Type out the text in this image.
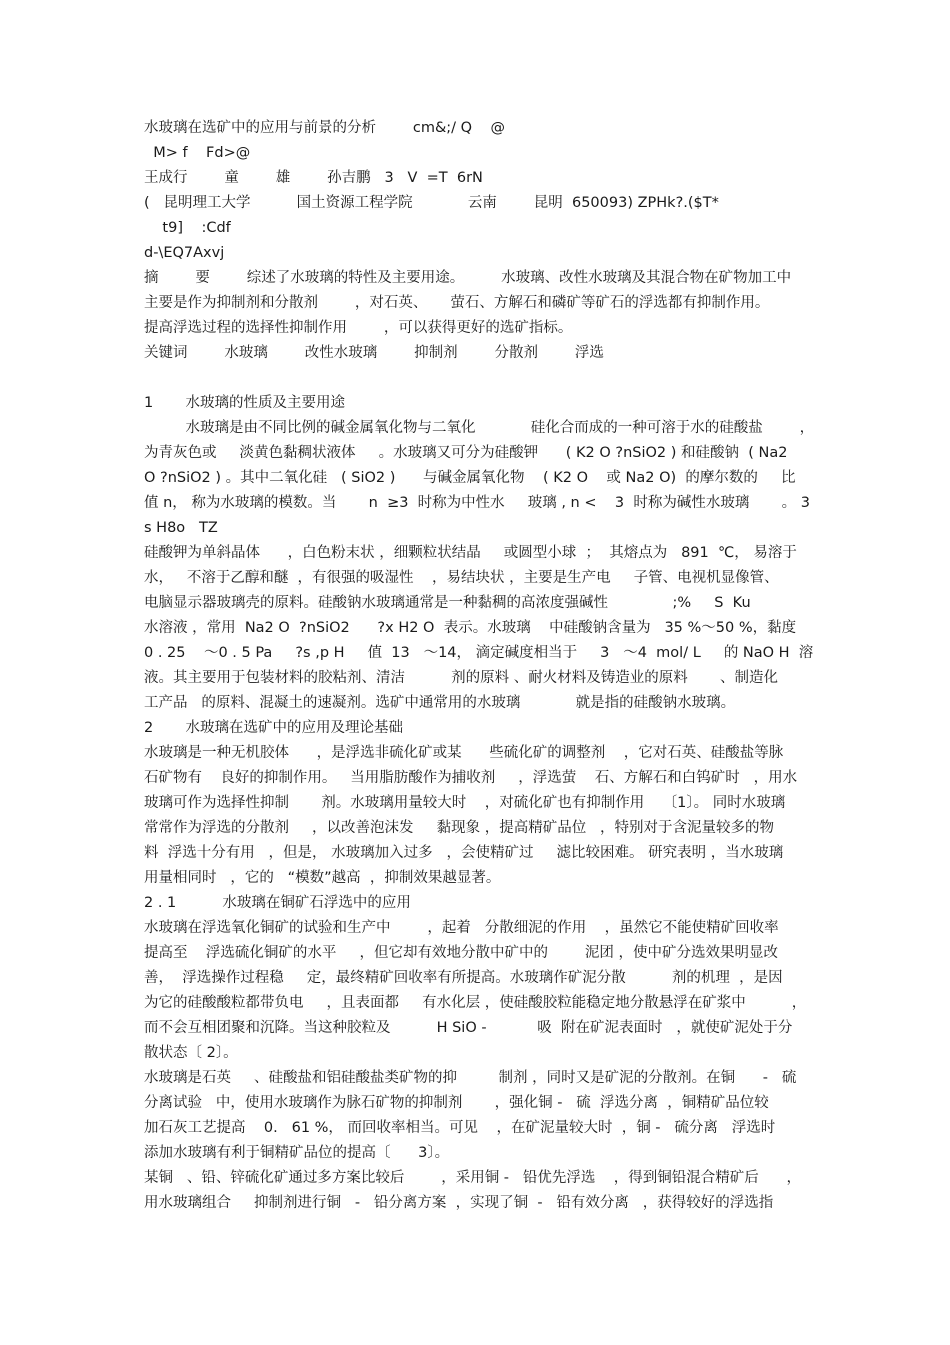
水玻璃在选矿中的应用与前景的分析        cm&;/ Q    @

M> f    Fd>@

王成行        童        雄        孙吉鹏   3   V  =T  6rN

(   昆明理工大学          国土资源工程学院            云南        昆明  650093) ZPHk?.($T*

t9]    :Cdf

d-\EQ7Axvj

摘        要        综述了水玻璃的特性及主要用途。        水玻璃、改性水玻璃及其混合物在矿物加工中

主要是作为抑制剂和分散剂        ，对石英、     萤石、方解石和磷矿等矿石的浮选都有抑制作用。

提高浮选过程的选择性抑制作用        ，可以获得更好的选矿指标。

关键词        水玻璃        改性水玻璃        抑制剂        分散剂        浮选

1       水玻璃的性质及主要用途

水玻璃是由不同比例的碱金属氧化物与二氧化            硅化合而成的一种可溶于水的硅酸盐        ，

为青灰色或     淡黄色黏稠状液体     。水玻璃又可分为硅酸钾      ( K2 O ?nSiO2 ) 和硅酸钠  ( Na2

O ?nSiO2 ) 。其中二氧化硅   ( SiO2 )      与碱金属氧化物    ( K2 O    或 Na2 O)  的摩尔数的     比

值 n， 称为水玻璃的模数。当       n  ≥3  时称为中性水     玻璃 , n <    3  时称为碱性水玻璃       。 3

s H8o   TZ

硅酸钾为单斜晶体      ，白色粉末状 ，细颗粒状结晶     或圆型小球  ；  其熔点为   891  ℃， 易溶于

水，   不溶于乙醇和醚  ，有很强的吸湿性    ，易结块状 ，主要是生产电     子管、电视机显像管、

电脑显示器玻璃壳的原料。硅酸钠水玻璃通常是一种黏稠的高浓度强碱性              ;%     S  Ku

水溶液 ，常用  Na2 O  ?nSiO2      ?x H2 O  表示。水玻璃    中硅酸钠含量为   35 %～50 %，黏度

0 . 25    ～0 . 5 Pa     ?s ,p H     值  13   ～14， 滴定碱度相当于     3   ～4  mol/ L     的 NaO H  溶

液。其主要用于包装材料的胶粘剂、清洁          剂的原料 、耐火材料及铸造业的原料       、制造化

工产品   的原料、混凝土的速凝剂。选矿中通常用的水玻璃            就是指的硅酸钠水玻璃。

2       水玻璃在选矿中的应用及理论基础

水玻璃是一种无机胶体      ，是浮选非硫化矿或某      些硫化矿的调整剂    ，它对石英、硅酸盐等脉

石矿物有    良好的抑制作用。   当用脂肪酸作为捕收剂     ，浮选萤    石、方解石和白钨矿时   ，用水

玻璃可作为选择性抑制       剂。水玻璃用量较大时    ，对硫化矿也有抑制作用    〔1〕。 同时水玻璃

常常作为浮选的分散剂     ，以改善泡沫发     黏现象 ，提高精矿品位   ，特别对于含泥量较多的物

料  浮选十分有用   ，但是， 水玻璃加入过多   ，会使精矿过     滤比较困难。 研究表明 ，当水玻璃

用量相同时   ，它的   “模数”越高  ，抑制效果越显著。

2 . 1          水玻璃在铜矿石浮选中的应用

水玻璃在浮选氧化铜矿的试验和生产中        ，起着   分散细泥的作用    ，虽然它不能使精矿回收率

提高至    浮选硫化铜矿的水平     ，但它却有效地分散中矿中的        泥团 ，使中矿分选效果明显改

善，  浮选操作过程稳     定，最终精矿回收率有所提高。水玻璃作矿泥分散          剂的机理  ，是因

为它的硅酸酸粒都带负电     ，且表面都     有水化层 ，使硅酸胶粒能稳定地分散悬浮在矿浆中          ，

而不会互相团聚和沉降。当这种胶粒及          H SiO -           吸  附在矿泥表面时   ，就使矿泥处于分

散状态〔 2〕。

水玻璃是石英     、硅酸盐和铝硅酸盐类矿物的抑         制剂 ，同时又是矿泥的分散剂。在铜      -   硫

分离试验   中，使用水玻璃作为脉石矿物的抑制剂       ，强化铜 -   硫  浮选分离  ，铜精矿品位较

加石灰工艺提高    0.   61 %， 而回收率相当。可见    ，在矿泥量较大时  ，铜 -   硫分离   浮选时

添加水玻璃有利于铜精矿品位的提高〔      3〕。

某铜   、铅、锌硫化矿通过多方案比较后        ，采用铜 -   铅优先浮选    ，得到铜铅混合精矿后      ，

用水玻璃组合     抑制剂进行铜   -   铅分离方案  ，实现了铜  -   铅有效分离   ，获得较好的浮选指
